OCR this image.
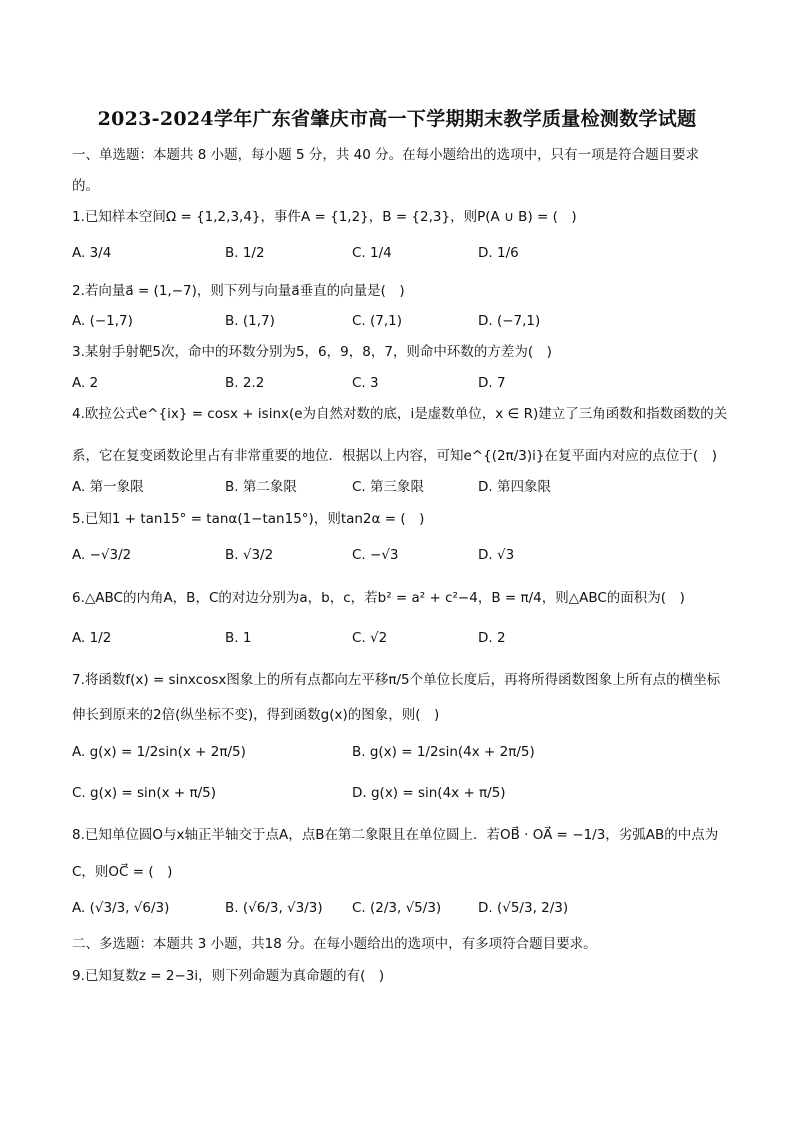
2023-2024学年广东省肇庆市高一下学期期末教学质量检测数学试题
一、单选题：本题共 8 小题，每小题 5 分，共 40 分。在每小题给出的选项中，只有一项是符合题目要求
的。
1.已知样本空间Ω = {1,2,3,4}，事件A = {1,2}，B = {2,3}，则P(A ∪ B) = (　)
A. 3/4	B. 1/2	C. 1/4	D. 1/6
2.若向量a⃗ = (1,−7)，则下列与向量a⃗垂直的向量是(　)
A. (−1,7)	B. (1,7)	C. (7,1)	D. (−7,1)
3.某射手射靶5次，命中的环数分别为5，6，9，8，7，则命中环数的方差为(　)
A. 2	B. 2.2	C. 3	D. 7
4.欧拉公式e^{ix} = cosx + isinx(e为自然对数的底，i是虚数单位，x ∈ R)建立了三角函数和指数函数的关
系，它在复变函数论里占有非常重要的地位．根据以上内容，可知e^{(2π/3)i}在复平面内对应的点位于(　)
A. 第一象限	B. 第二象限	C. 第三象限	D. 第四象限
5.已知1 + tan15° = tanα(1−tan15°)，则tan2α = (　)
A. −√3/2	B. √3/2	C. −√3	D. √3
6.△ABC的内角A，B，C的对边分别为a，b，c，若b² = a² + c²−4，B = π/4，则△ABC的面积为(　)
A. 1/2	B. 1	C. √2	D. 2
7.将函数f(x) = sinxcosx图象上的所有点都向左平移π/5个单位长度后，再将所得函数图象上所有点的横坐标
伸长到原来的2倍(纵坐标不变)，得到函数g(x)的图象，则(　)
A. g(x) = 1/2sin(x + 2π/5)	B. g(x) = 1/2sin(4x + 2π/5)
C. g(x) = sin(x + π/5)	D. g(x) = sin(4x + π/5)
8.已知单位圆O与x轴正半轴交于点A，点B在第二象限且在单位圆上．若OB⃗ · OA⃗ = −1/3，劣弧AB的中点为
C，则OC⃗ = (　)
A. (√3/3, √6/3)	B. (√6/3, √3/3) C. (2/3, √5/3)	D. (√5/3, 2/3)
二、多选题：本题共 3 小题，共18 分。在每小题给出的选项中，有多项符合题目要求。
9.已知复数z = 2−3i，则下列命题为真命题的有(　)
